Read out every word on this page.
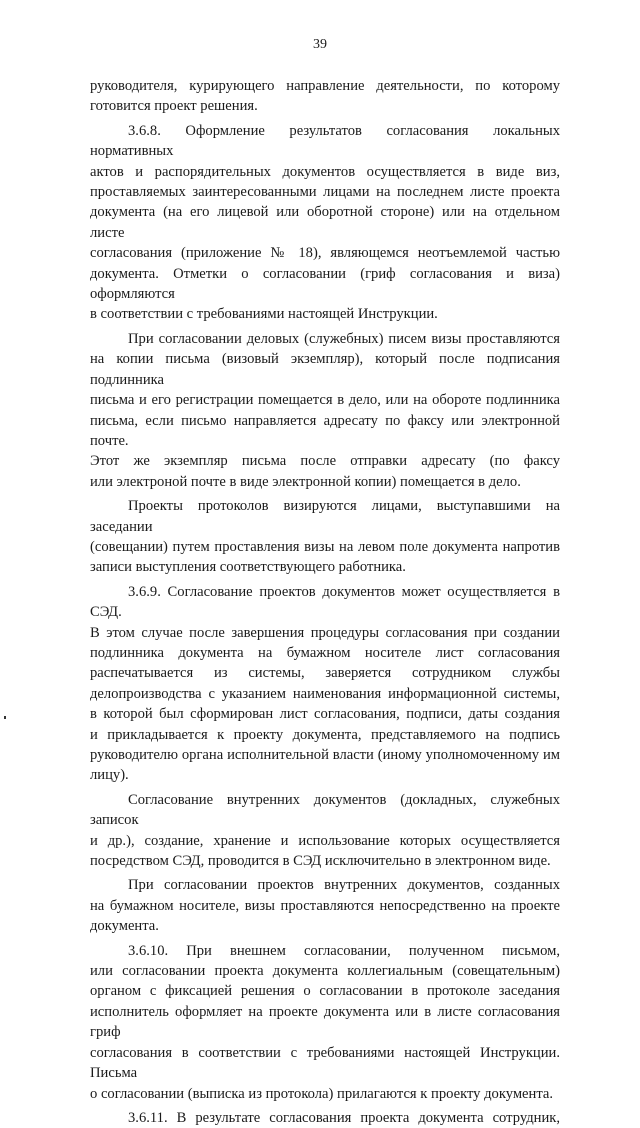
39

руководителя, курирующего направление деятельности, по которому

готовится проект решения.

3.6.8. Оформление результатов согласования локальных нормативных

актов и распорядительных документов осуществляется в виде виз,

проставляемых заинтересованными лицами на последнем листе проекта

документа (на его лицевой или оборотной стороне) или на отдельном листе

согласования (приложение № 18), являющемся неотъемлемой частью

документа. Отметки о согласовании (гриф согласования и виза) оформляются

в соответствии с требованиями настоящей Инструкции.

При согласовании деловых (служебных) писем визы проставляются

на копии письма (визовый экземпляр), который после подписания подлинника

письма и его регистрации помещается в дело, или на обороте подлинника

письма, если письмо направляется адресату по факсу или электронной почте.

Этот же экземпляр письма после отправки адресату (по факсу

или электроной почте в виде электронной копии) помещается в дело.

Проекты протоколов визируются лицами, выступавшими на заседании

(совещании) путем проставления визы на левом поле документа напротив

записи выступления соответствующего работника.

3.6.9. Согласование проектов документов может осуществляется в СЭД.

В этом случае после завершения процедуры согласования при создании

подлинника документа на бумажном носителе лист согласования

распечатывается из системы, заверяется сотрудником службы

делопроизводства с указанием наименования информационной системы,

в которой был сформирован лист согласования, подписи, даты создания

и прикладывается к проекту документа, представляемого на подпись

руководителю органа исполнительной власти (иному уполномоченному им

лицу).

Согласование внутренних документов (докладных, служебных записок

и др.), создание, хранение и использование которых осуществляется

посредством СЭД, проводится в СЭД исключительно в электронном виде.

При согласовании проектов внутренних документов, созданных

на бумажном носителе, визы проставляются непосредственно на проекте

документа.

3.6.10. При внешнем согласовании, полученном письмом,

или согласовании проекта документа коллегиальным (совещательным)

органом с фиксацией решения о согласовании в протоколе заседания

исполнитель оформляет на проекте документа или в листе согласования гриф

согласования в соответствии с требованиями настоящей Инструкции. Письма

о согласовании (выписка из протокола) прилагаются к проекту документа.

3.6.11. В результате согласования проекта документа сотрудник,
